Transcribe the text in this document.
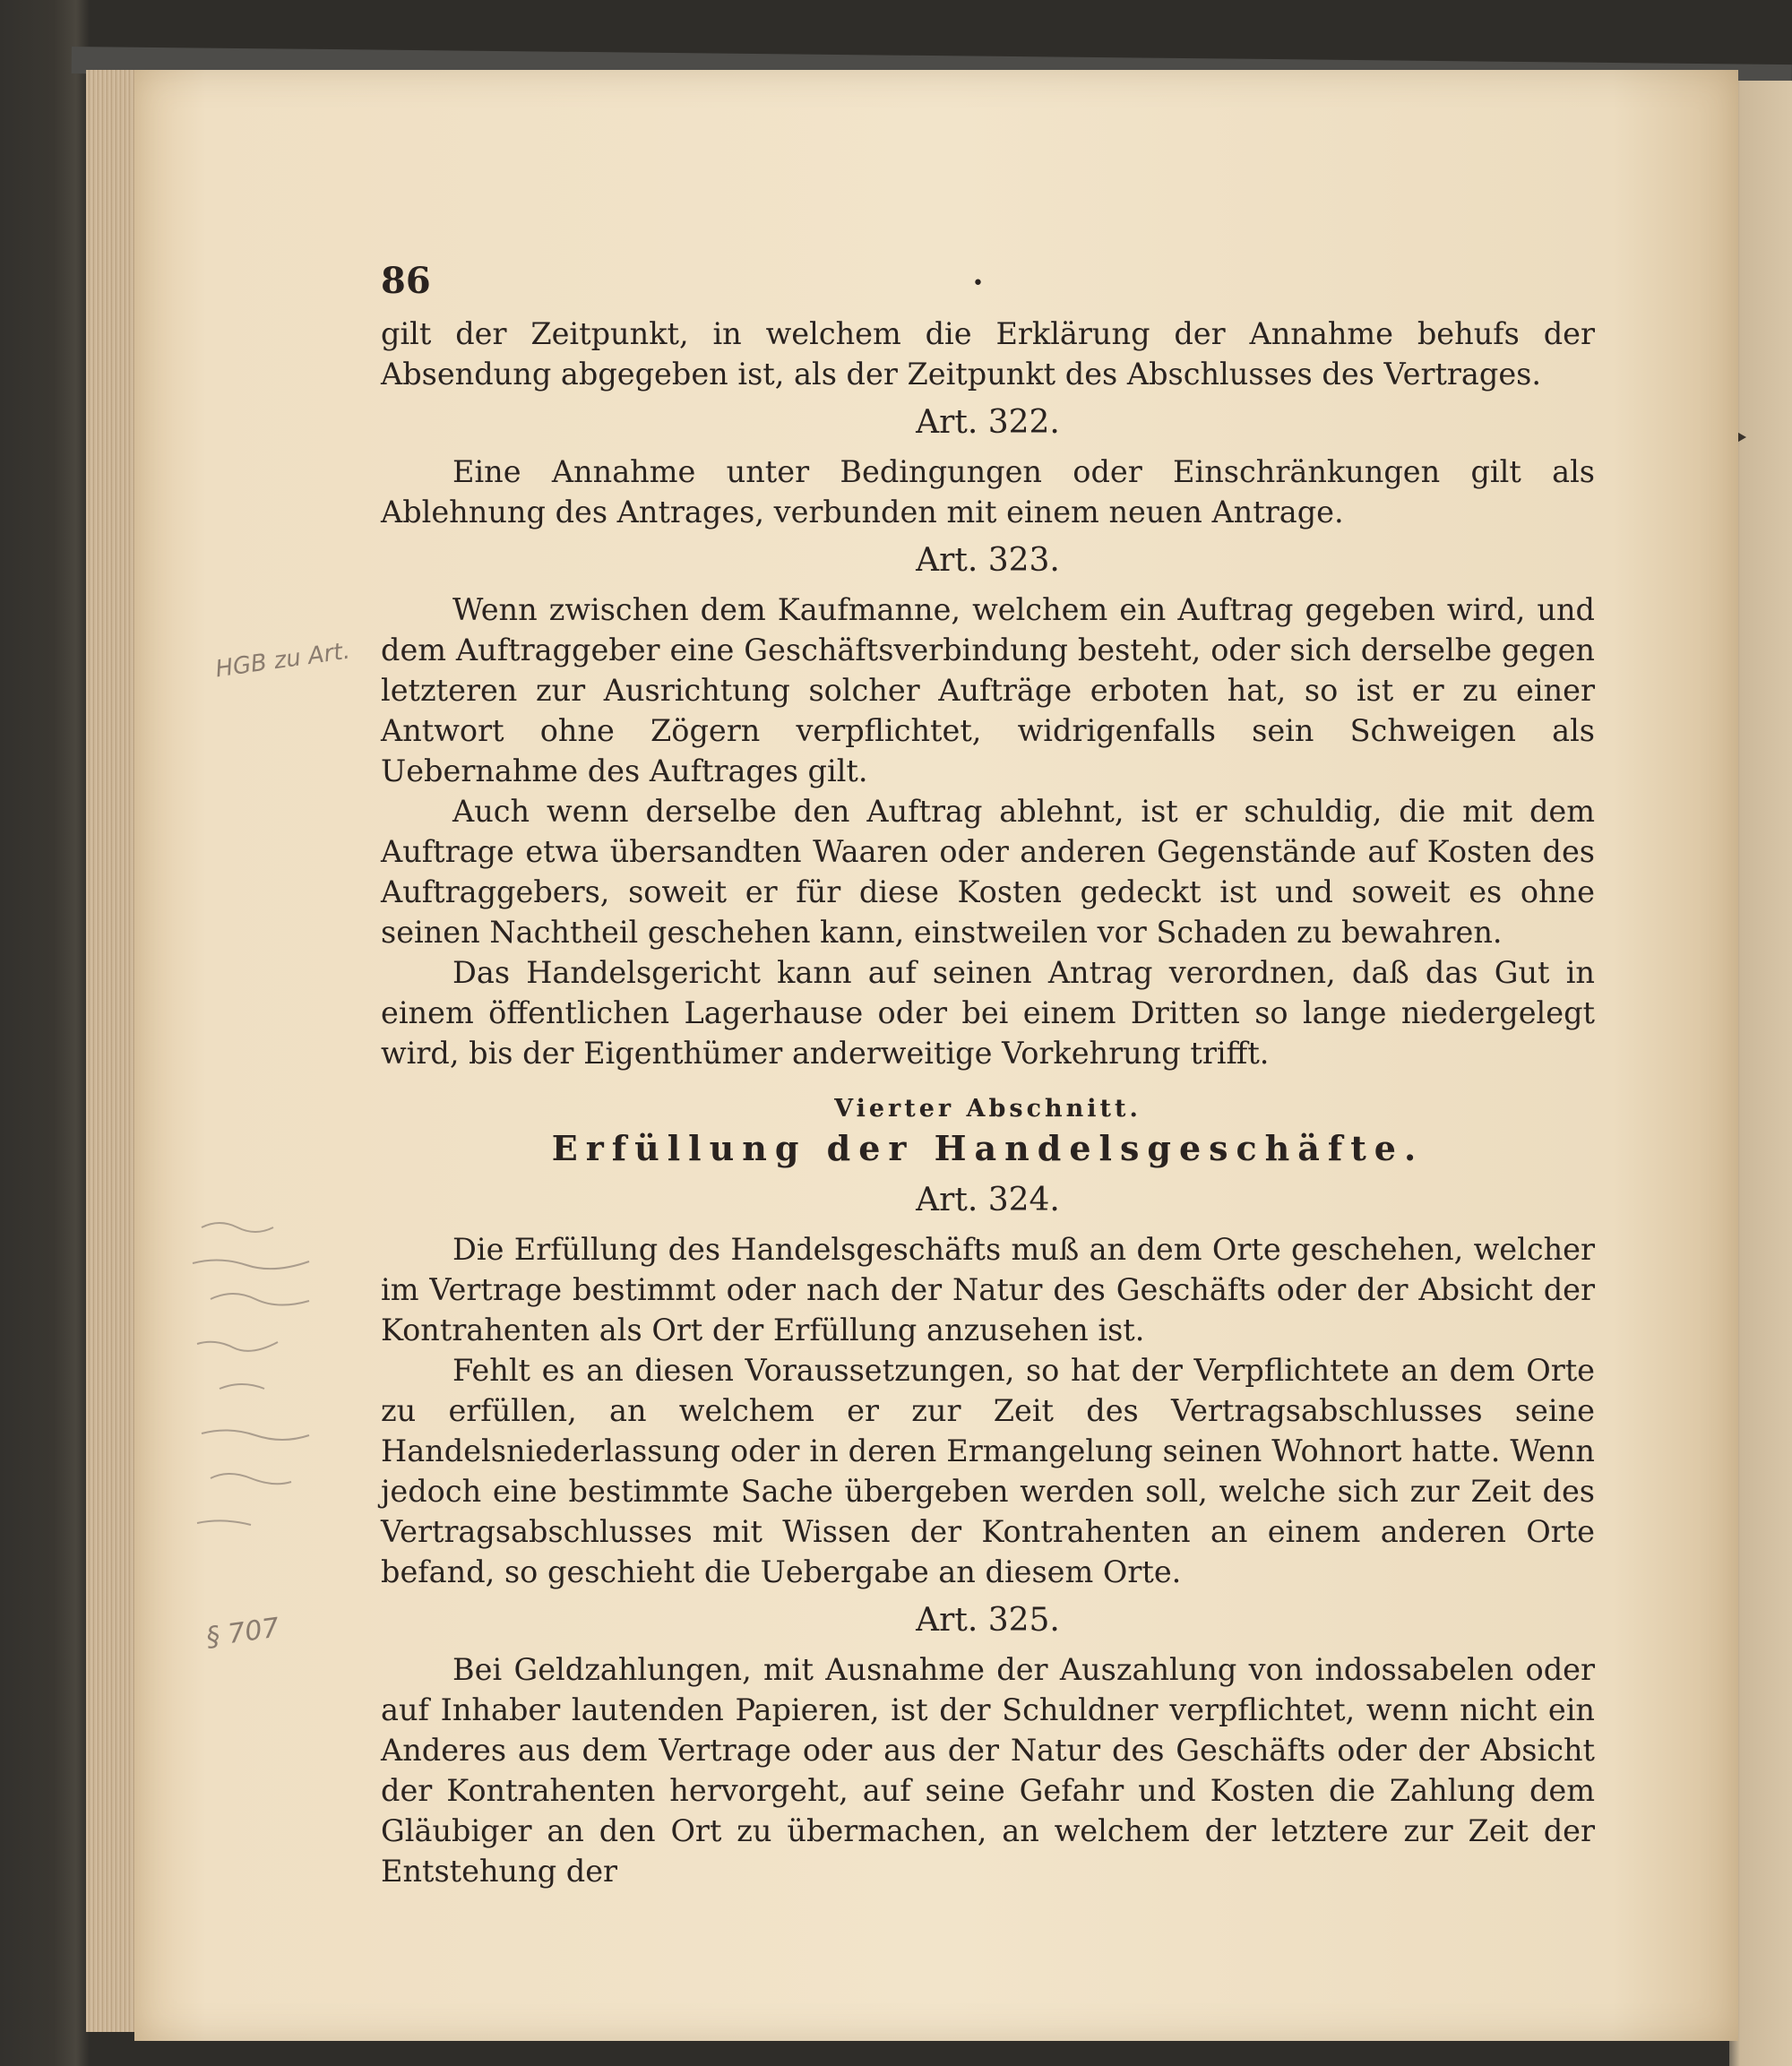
HGB zu Art.
§ 707
86	•

gilt der Zeitpunkt, in welchem die Erklärung der Annahme behufs der Absendung abgegeben ist, als der Zeitpunkt des Abschlusses des Vertrages.

Art. 322.

Eine Annahme unter Bedingungen oder Einschränkungen gilt als Ablehnung des Antrages, verbunden mit einem neuen Antrage.

Art. 323.

Wenn zwischen dem Kaufmanne, welchem ein Auftrag gegeben wird, und dem Auftraggeber eine Geschäftsverbindung besteht, oder sich derselbe gegen letzteren zur Ausrichtung solcher Aufträge erboten hat, so ist er zu einer Antwort ohne Zögern verpflichtet, widrigenfalls sein Schweigen als Uebernahme des Auftrages gilt.

Auch wenn derselbe den Auftrag ablehnt, ist er schuldig, die mit dem Auftrage etwa übersandten Waaren oder anderen Gegenstände auf Kosten des Auftraggebers, soweit er für diese Kosten gedeckt ist und soweit es ohne seinen Nachtheil geschehen kann, einstweilen vor Schaden zu bewahren.

Das Handelsgericht kann auf seinen Antrag verordnen, daß das Gut in einem öffentlichen Lagerhause oder bei einem Dritten so lange niedergelegt wird, bis der Eigenthümer anderweitige Vorkehrung trifft.

Vierter Abschnitt.
Erfüllung der Handelsgeschäfte.
Art. 324.

Die Erfüllung des Handelsgeschäfts muß an dem Orte geschehen, welcher im Vertrage bestimmt oder nach der Natur des Geschäfts oder der Absicht der Kontrahenten als Ort der Erfüllung anzusehen ist.

Fehlt es an diesen Voraussetzungen, so hat der Verpflichtete an dem Orte zu erfüllen, an welchem er zur Zeit des Vertragsabschlusses seine Handelsniederlassung oder in deren Ermangelung seinen Wohnort hatte. Wenn jedoch eine bestimmte Sache übergeben werden soll, welche sich zur Zeit des Vertragsabschlusses mit Wissen der Kontrahenten an einem anderen Orte befand, so geschieht die Uebergabe an diesem Orte.

Art. 325.

Bei Geldzahlungen, mit Ausnahme der Auszahlung von indossabelen oder auf Inhaber lautenden Papieren, ist der Schuldner verpflichtet, wenn nicht ein Anderes aus dem Vertrage oder aus der Natur des Geschäfts oder der Absicht der Kontrahenten hervorgeht, auf seine Gefahr und Kosten die Zahlung dem Gläubiger an den Ort zu übermachen, an welchem der letztere zur Zeit der Entstehung der
